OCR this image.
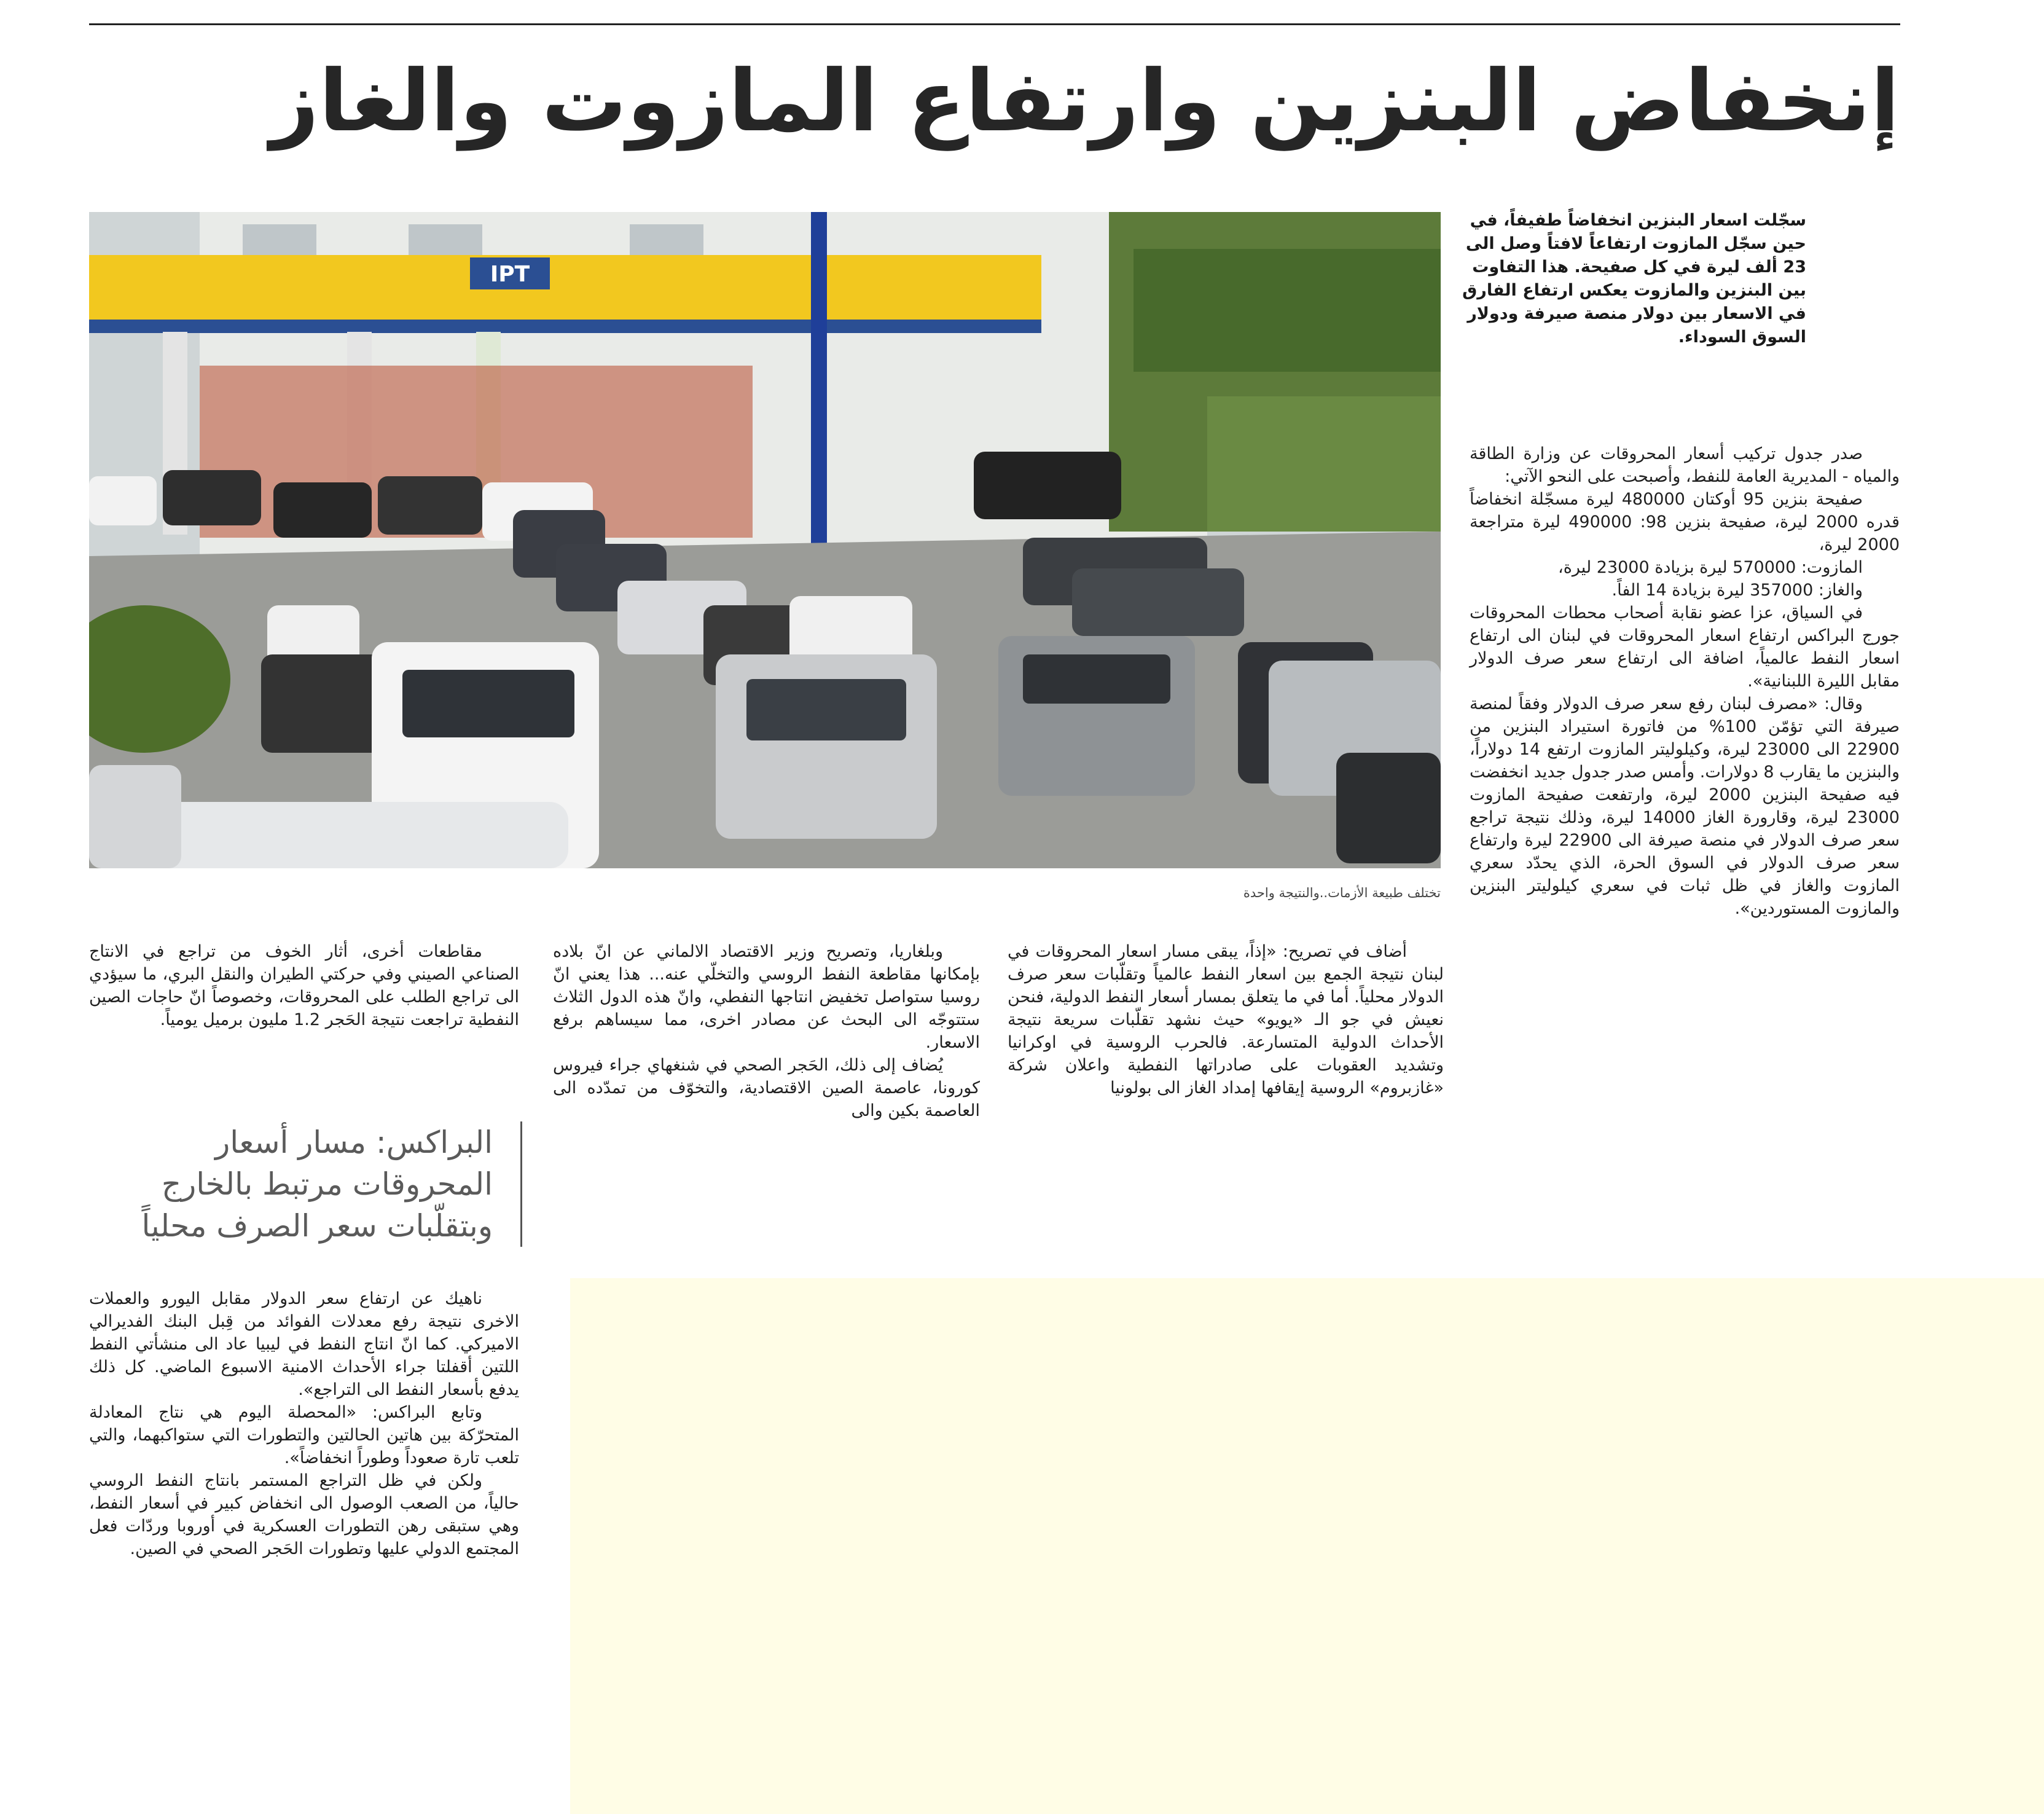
إنخفاض البنزين وارتفاع المازوت والغاز
سجّلت اسعار البنزين انخفاضاً طفيفاً، في حين سجّل المازوت ارتفاعاً لافتاً وصل الى 23 ألف ليرة في كل صفيحة. هذا التفاوت بين البنزين والمازوت يعكس ارتفاع الفارق في الاسعار بين دولار منصة صيرفة ودولار السوق السوداء.
IPT
تختلف طبيعة الأزمات..والنتيجة واحدة

صدر جدول تركيب أسعار المحروقات عن وزارة الطاقة والمياه - المديرية العامة للنفط، وأصبحت على النحو الآتي:

صفيحة بنزين 95 أوكتان 480000 ليرة مسجّلة انخفاضاً قدره 2000 ليرة، صفيحة بنزين 98: 490000 ليرة متراجعة 2000 ليرة،

المازوت: 570000 ليرة بزيادة 23000 ليرة،

والغاز: 357000 ليرة بزيادة 14 الفاً.

في السياق، عزا عضو نقابة أصحاب محطات المحروقات جورج البراكس ارتفاع اسعار المحروقات في لبنان الى ارتفاع اسعار النفط عالمياً، اضافة الى ارتفاع سعر صرف الدولار مقابل الليرة اللبنانية».

وقال: «مصرف لبنان رفع سعر صرف الدولار وفقاً لمنصة صيرفة التي تؤمّن 100% من فاتورة استيراد البنزين من 22900 الى 23000 ليرة، وكيلوليتر المازوت ارتفع 14 دولاراً، والبنزين ما يقارب 8 دولارات. وأمس صدر جدول جديد انخفضت فيه صفيحة البنزين 2000 ليرة، وارتفعت صفيحة المازوت 23000 ليرة، وقارورة الغاز 14000 ليرة، وذلك نتيجة تراجع سعر صرف الدولار في منصة صيرفة الى 22900 ليرة وارتفاع سعر صرف الدولار في السوق الحرة، الذي يحدّد سعري المازوت والغاز في ظل ثبات في سعري كيلوليتر البنزين والمازوت المستوردين».

أضاف في تصريح: «إذاً، يبقى مسار اسعار المحروقات في لبنان نتيجة الجمع بين اسعار النفط عالمياً وتقلّبات سعر صرف الدولار محلياً. أما في ما يتعلق بمسار أسعار النفط الدولية، فنحن نعيش في جو الـ «يويو» حيث نشهد تقلّبات سريعة نتيجة الأحداث الدولية المتسارعة. فالحرب الروسية في اوكرانيا وتشديد العقوبات على صادراتها النفطية واعلان شركة «غازبروم» الروسية إيقافها إمداد الغاز الى بولونيا

وبلغاريا، وتصريح وزير الاقتصاد الالماني عن انّ بلاده بإمكانها مقاطعة النفط الروسي والتخلّي عنه... هذا يعني انّ روسيا ستواصل تخفيض انتاجها النفطي، وانّ هذه الدول الثلاث ستتوجّه الى البحث عن مصادر اخرى، مما سيساهم برفع الاسعار.

يُضاف إلى ذلك، الحَجر الصحي في شنغهاي جراء فيروس كورونا، عاصمة الصين الاقتصادية، والتخوّف من تمدّده الى العاصمة بكين والى

مقاطعات أخرى، أثار الخوف من تراجع في الانتاج الصناعي الصيني وفي حركتي الطيران والنقل البري، ما سيؤدي الى تراجع الطلب على المحروقات، وخصوصاً انّ حاجات الصين النفطية تراجعت نتيجة الحَجر 1.2 مليون برميل يومياً.

البراكس: مسار أسعار المحروقات مرتبط بالخارج وبتقلّبات سعر الصرف محلياً

ناهيك عن ارتفاع سعر الدولار مقابل اليورو والعملات الاخرى نتيجة رفع معدلات الفوائد من قِبل البنك الفديرالي الاميركي. كما انّ انتاج النفط في ليبيا عاد الى منشأتي النفط اللتين أقفلتا جراء الأحداث الامنية الاسبوع الماضي. كل ذلك يدفع بأسعار النفط الى التراجع».

وتابع البراكس: «المحصلة اليوم هي نتاج المعادلة المتحرّكة بين هاتين الحالتين والتطورات التي ستواكبهما، والتي تلعب تارة صعوداً وطوراً انخفاضاً».

ولكن في ظل التراجع المستمر بانتاج النفط الروسي حالياً، من الصعب الوصول الى انخفاض كبير في أسعار النفط، وهي ستبقى رهن التطورات العسكرية في أوروبا وردّات فعل المجتمع الدولي عليها وتطورات الحَجر الصحي في الصين.
